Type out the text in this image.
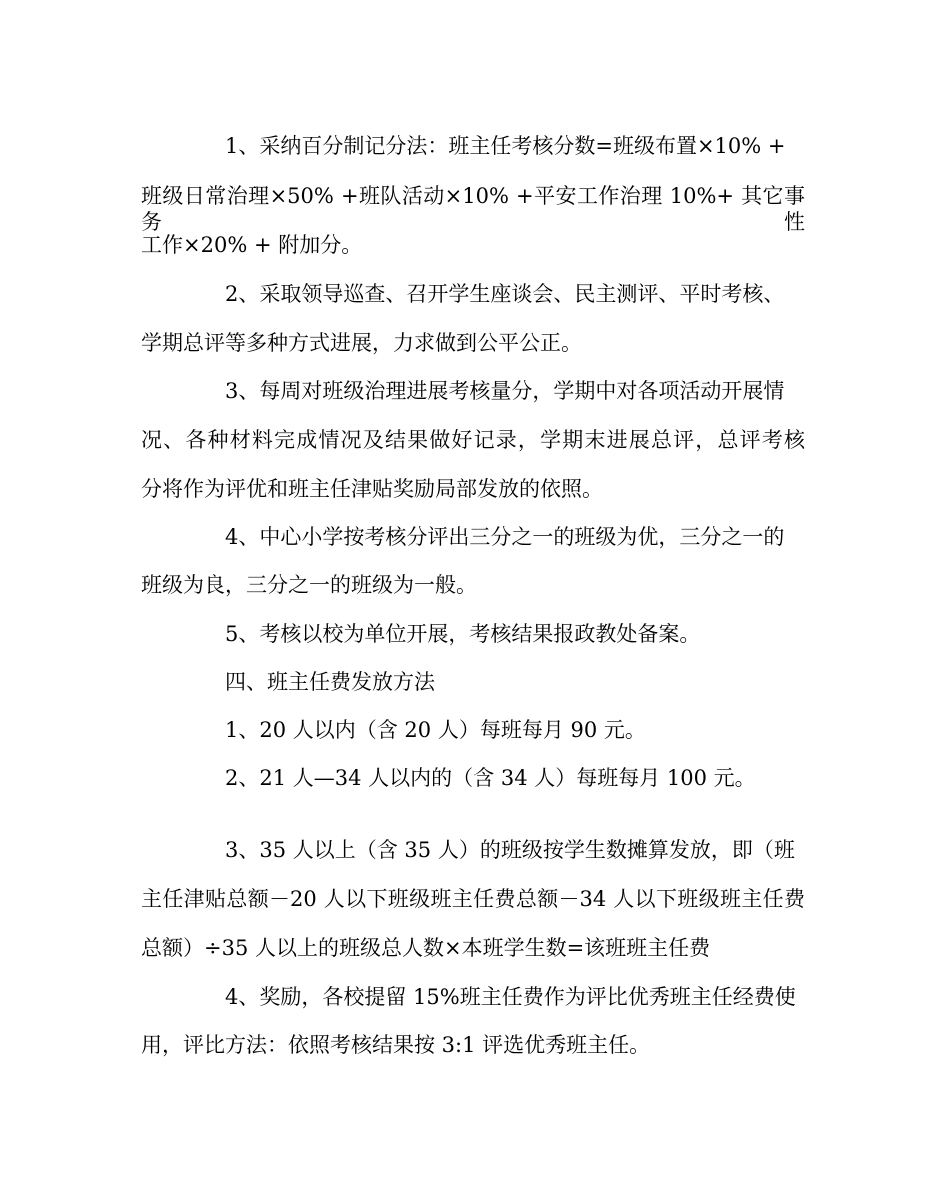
1、采纳百分制记分法：班主任考核分数=班级布置×10% +

班级日常治理×50% +班队活动×10% +平安工作治理 10%+ 其它事务性

工作×20% + 附加分。

2、采取领导巡查、召开学生座谈会、民主测评、平时考核、

学期总评等多种方式进展，力求做到公平公正。

3、每周对班级治理进展考核量分，学期中对各项活动开展情

况、各种材料完成情况及结果做好记录，学期末进展总评，总评考核

分将作为评优和班主任津贴奖励局部发放的依照。

4、中心小学按考核分评出三分之一的班级为优，三分之一的

班级为良，三分之一的班级为一般。

5、考核以校为单位开展，考核结果报政教处备案。

四、班主任费发放方法

1、20 人以内（含 20 人）每班每月 90 元。

2、21 人—34 人以内的（含 34 人）每班每月 100 元。

3、35 人以上（含 35 人）的班级按学生数摊算发放，即（班

主任津贴总额－20 人以下班级班主任费总额－34 人以下班级班主任费

总额）÷35 人以上的班级总人数×本班学生数=该班班主任费

4、奖励，各校提留 15%班主任费作为评比优秀班主任经费使

用，评比方法：依照考核结果按 3:1 评选优秀班主任。
